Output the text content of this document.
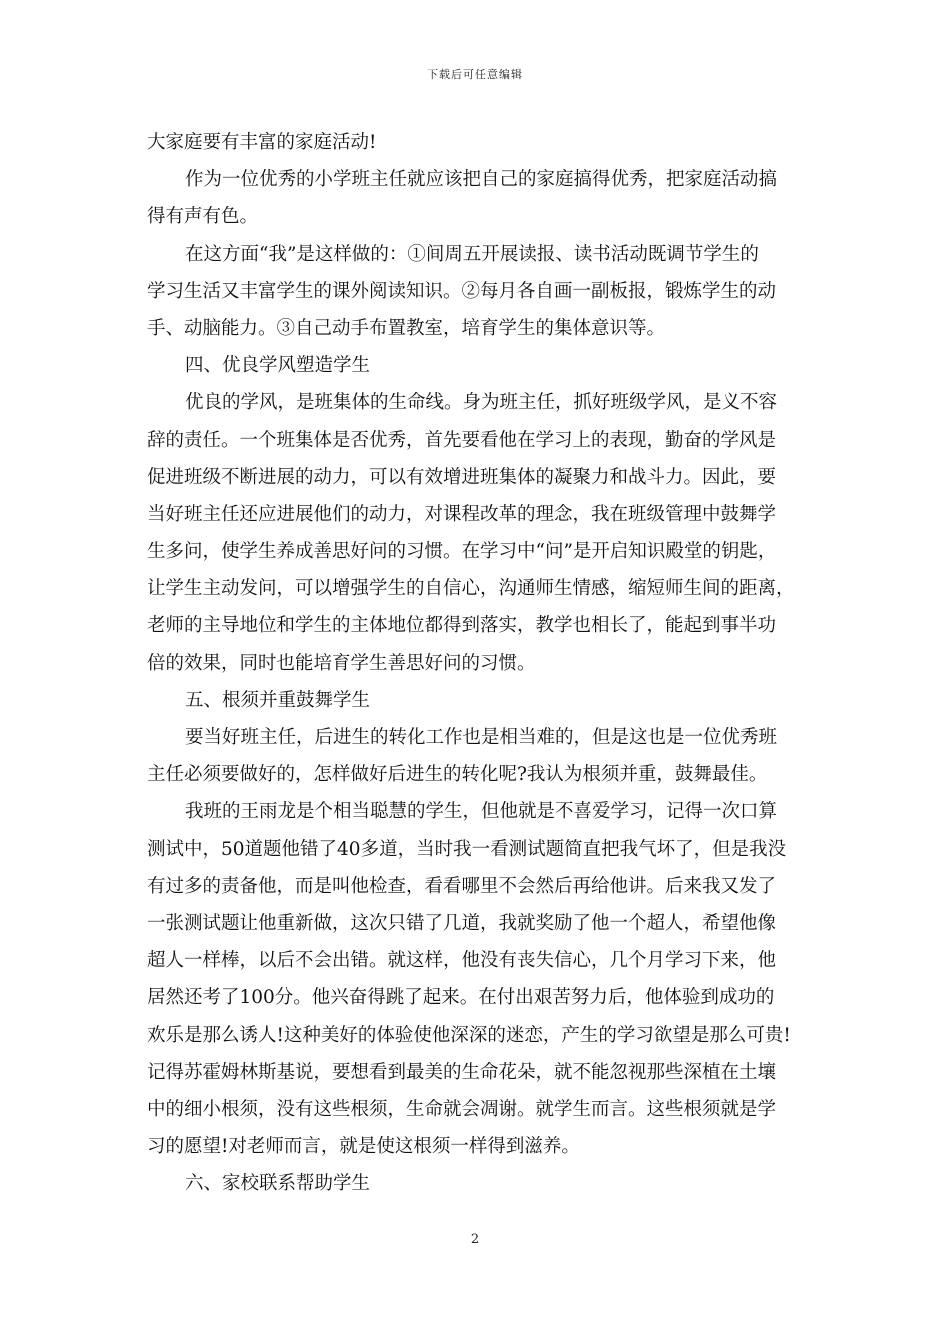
下载后可任意编辑
大家庭要有丰富的家庭活动!
作为一位优秀的小学班主任就应该把自己的家庭搞得优秀，把家庭活动搞
得有声有色。
在这方面“我”是这样做的：①间周五开展读报、读书活动既调节学生的
学习生活又丰富学生的课外阅读知识。②每月各自画一副板报，锻炼学生的动
手、动脑能力。③自己动手布置教室，培育学生的集体意识等。
四、优良学风塑造学生
优良的学风，是班集体的生命线。身为班主任，抓好班级学风，是义不容
辞的责任。一个班集体是否优秀，首先要看他在学习上的表现，勤奋的学风是
促进班级不断进展的动力，可以有效增进班集体的凝聚力和战斗力。因此，要
当好班主任还应进展他们的动力，对课程改革的理念，我在班级管理中鼓舞学
生多问，使学生养成善思好问的习惯。在学习中“问”是开启知识殿堂的钥匙，
让学生主动发问，可以增强学生的自信心，沟通师生情感，缩短师生间的距离，
老师的主导地位和学生的主体地位都得到落实，教学也相长了，能起到事半功
倍的效果，同时也能培育学生善思好问的习惯。
五、根须并重鼓舞学生
要当好班主任，后进生的转化工作也是相当难的，但是这也是一位优秀班
主任必须要做好的，怎样做好后进生的转化呢?我认为根须并重，鼓舞最佳。
我班的王雨龙是个相当聪慧的学生，但他就是不喜爱学习，记得一次口算
测试中，50道题他错了40多道，当时我一看测试题简直把我气坏了，但是我没
有过多的责备他，而是叫他检查，看看哪里不会然后再给他讲。后来我又发了
一张测试题让他重新做，这次只错了几道，我就奖励了他一个超人，希望他像
超人一样棒，以后不会出错。就这样，他没有丧失信心，几个月学习下来，他
居然还考了100分。他兴奋得跳了起来。在付出艰苦努力后，他体验到成功的
欢乐是那么诱人!这种美好的体验使他深深的迷恋，产生的学习欲望是那么可贵!
记得苏霍姆林斯基说，要想看到最美的生命花朵，就不能忽视那些深植在土壤
中的细小根须，没有这些根须，生命就会凋谢。就学生而言。这些根须就是学
习的愿望!对老师而言，就是使这根须一样得到滋养。
六、家校联系帮助学生
2
